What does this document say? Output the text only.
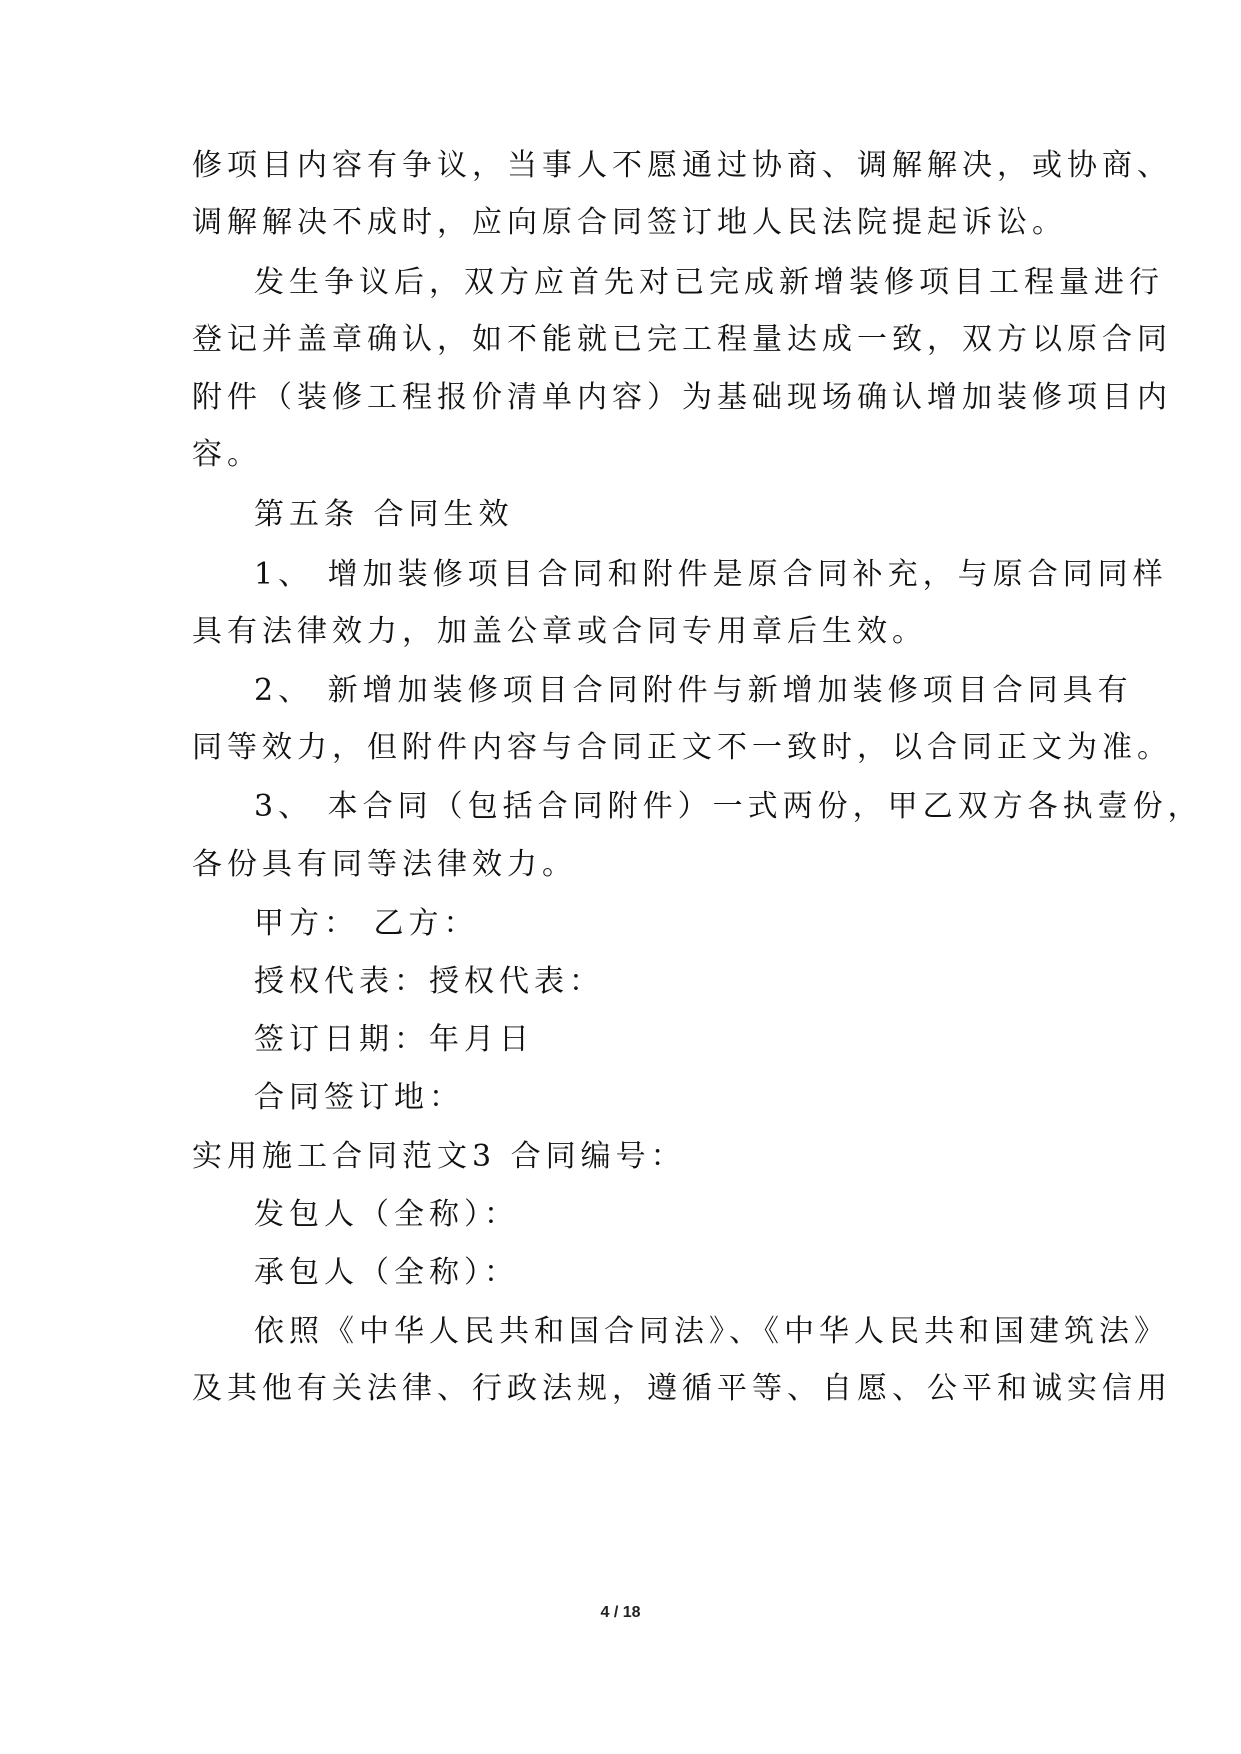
修项目内容有争议，当事人不愿通过协商、调解解决，或协商、
调解解决不成时，应向原合同签订地人民法院提起诉讼。
发生争议后，双方应首先对已完成新增装修项目工程量进行
登记并盖章确认，如不能就已完工程量达成一致，双方以原合同
附件（装修工程报价清单内容）为基础现场确认增加装修项目内
容。
第五条 合同生效
1、 增加装修项目合同和附件是原合同补充，与原合同同样
具有法律效力，加盖公章或合同专用章后生效。
2、 新增加装修项目合同附件与新增加装修项目合同具有
同等效力，但附件内容与合同正文不一致时，以合同正文为准。
3、 本合同（包括合同附件）一式两份，甲乙双方各执壹份，
各份具有同等法律效力。
甲方： 乙方：
授权代表：授权代表：
签订日期：年月日
合同签订地：
实用施工合同范文3 合同编号：
发包人（全称）：
承包人（全称）：
依照《中华人民共和国合同法》、《中华人民共和国建筑法》
及其他有关法律、行政法规，遵循平等、自愿、公平和诚实信用
4 / 18
